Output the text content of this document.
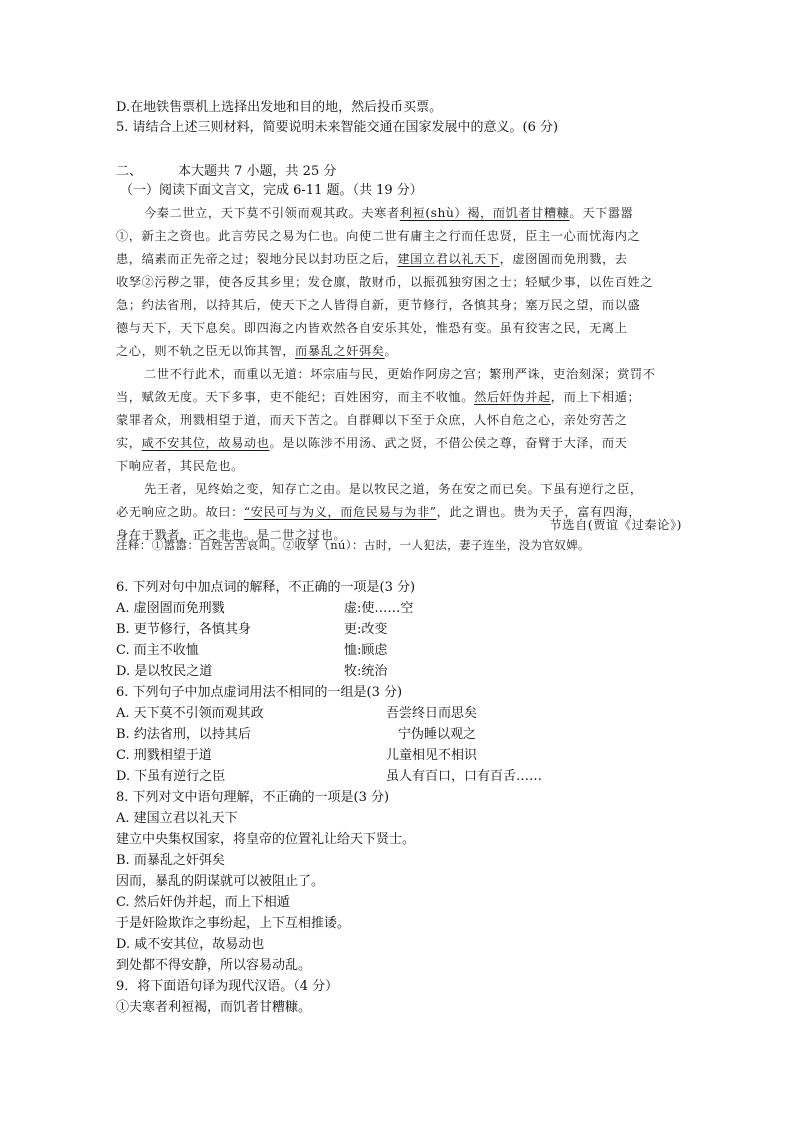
D.在地铁售票机上选择出发地和目的地，然后投币买票。
5. 请结合上述三则材料，简要说明未来智能交通在国家发展中的意义。(6 分)
二、	本大题共 7 小题，共 25 分
（一）阅读下面文言文，完成 6-11 题。（共 19 分）
今秦二世立，天下莫不引领而观其政。夫寒者利裋(shù）褐，而饥者甘糟糠。天下嚣嚣
①，新主之资也。此言劳民之易为仁也。向使二世有庸主之行而任忠贤，臣主一心而忧海内之
患，缟素而正先帝之过；裂地分民以封功臣之后，建国立君以礼天下，虚囹圄而免刑戮，去
收孥②污秽之罪，使各反其乡里；发仓廪，散财币，以振孤独穷困之士；轻赋少事，以佐百姓之
急；约法省刑，以持其后，使天下之人皆得自新，更节修行，各慎其身；塞万民之望，而以盛
德与天下，天下息矣。即四海之内皆欢然各自安乐其处，惟恐有变。虽有狡害之民，无离上
之心，则不轨之臣无以饰其智，而暴乱之奸弭矣。
二世不行此术，而重以无道：坏宗庙与民，更始作阿房之宫；繁刑严诛，吏治刻深；赏罚不
当，赋敛无度。天下多事，吏不能纪；百姓困穷，而主不收恤。然后奸伪并起，而上下相遁；
蒙罪者众，刑戮相望于道，而天下苦之。自群卿以下至于众庶，人怀自危之心，亲处穷苦之
实，咸不安其位，故易动也。是以陈涉不用汤、武之贤，不借公侯之尊，奋臂于大泽，而天
下响应者，其民危也。
先王者，见终始之变，知存亡之由。是以牧民之道，务在安之而已矣。下虽有逆行之臣，
必无响应之助。故曰：“安民可与为义，而危民易与为非”，此之谓也。贵为天子，富有四海，
身在于戮者，正之非也。是二世之过也。
节选自(贾谊《过秦论》)
注释：①嚣嚣：百姓苦苦哀叫。②收孥（nú）：古时，一人犯法，妻子连坐，没为官奴婢。
6. 下列对句中加点词的解释，不正确的一项是(3 分)
A. 虚囹圄而免刑戮	虚:使……空
B. 更节修行，各慎其身	更:改变
C. 而主不收恤	恤:顾虑
D. 是以牧民之道	牧:统治
6. 下列句子中加点虚词用法不相同的一组是(3 分)
A. 天下莫不引领而观其政	吾尝终日而思矣
B. 约法省刑，以持其后	宁伪睡以观之
C. 刑戮相望于道	儿童相见不相识
D. 下虽有逆行之臣	虽人有百口，口有百舌……
8. 下列对文中语句理解，不正确的一项是(3 分)
A. 建国立君以礼天下
建立中央集权国家，将皇帝的位置礼让给天下贤士。
B. 而暴乱之奸弭矣
因而，暴乱的阴谋就可以被阻止了。
C. 然后奸伪并起，而上下相遁
于是奸险欺诈之事纷起，上下互相推诿。
D. 咸不安其位，故易动也
到处都不得安静，所以容易动乱。
9．将下面语句译为现代汉语。（4 分）
①夫寒者利裋褐，而饥者甘糟糠。
